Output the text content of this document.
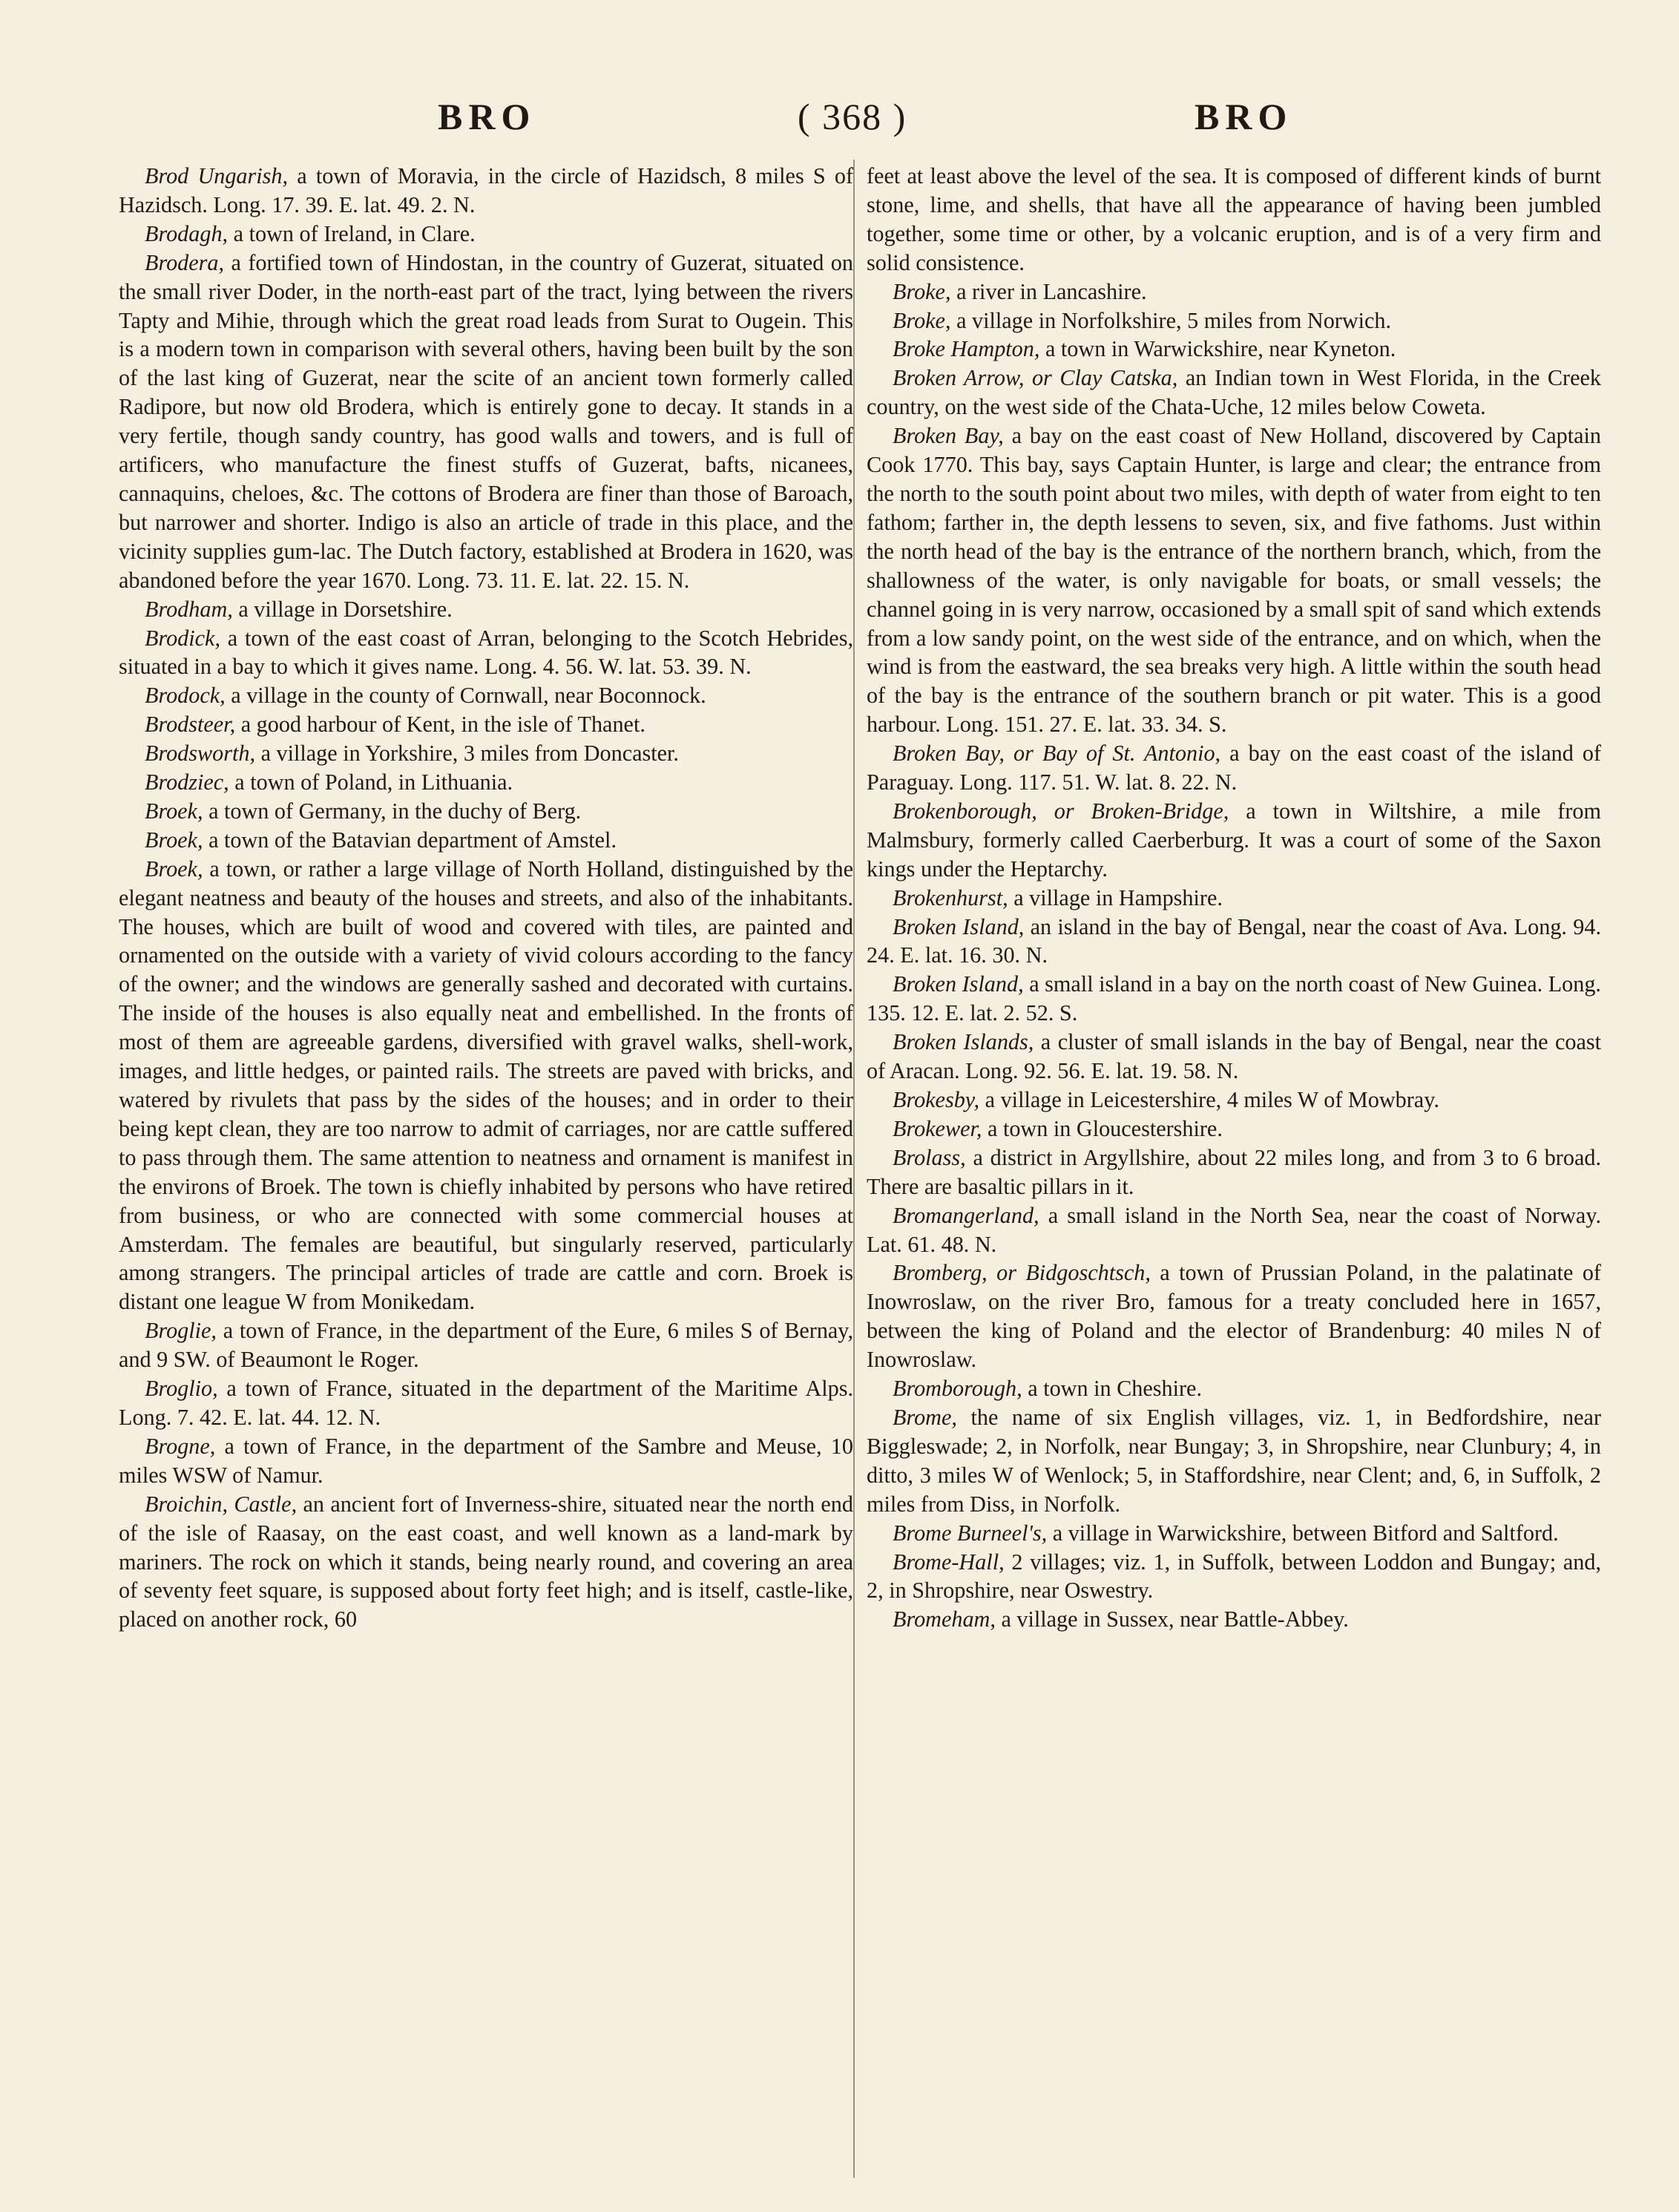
BRO	( 368 )	BRO

Brod Ungarish, a town of Moravia, in the circle of Hazidsch, 8 miles S of Hazidsch. Long. 17. 39. E. lat. 49. 2. N.

Brodagh, a town of Ireland, in Clare.

Brodera, a fortified town of Hindostan, in the country of Guzerat, situated on the small river Doder, in the north-east part of the tract, lying between the rivers Tapty and Mihie, through which the great road leads from Surat to Ougein. This is a modern town in comparison with several others, having been built by the son of the last king of Guzerat, near the scite of an ancient town formerly called Radipore, but now old Brodera, which is entirely gone to decay. It stands in a very fertile, though sandy country, has good walls and towers, and is full of artificers, who manufacture the finest stuffs of Guzerat, bafts, nicanees, cannaquins, cheloes, &c. The cottons of Brodera are finer than those of Baroach, but narrower and shorter. Indigo is also an article of trade in this place, and the vicinity supplies gum-lac. The Dutch factory, established at Brodera in 1620, was abandoned before the year 1670. Long. 73. 11. E. lat. 22. 15. N.

Brodham, a village in Dorsetshire.

Brodick, a town of the east coast of Arran, belonging to the Scotch Hebrides, situated in a bay to which it gives name. Long. 4. 56. W. lat. 53. 39. N.

Brodock, a village in the county of Cornwall, near Boconnock.

Brodsteer, a good harbour of Kent, in the isle of Thanet.

Brodsworth, a village in Yorkshire, 3 miles from Doncaster.

Brodziec, a town of Poland, in Lithuania.

Broek, a town of Germany, in the duchy of Berg.

Broek, a town of the Batavian department of Amstel.

Broek, a town, or rather a large village of North Holland, distinguished by the elegant neatness and beauty of the houses and streets, and also of the inhabitants. The houses, which are built of wood and covered with tiles, are painted and ornamented on the outside with a variety of vivid colours according to the fancy of the owner; and the windows are generally sashed and decorated with curtains. The inside of the houses is also equally neat and embellished. In the fronts of most of them are agreeable gardens, diversified with gravel walks, shell-work, images, and little hedges, or painted rails. The streets are paved with bricks, and watered by rivulets that pass by the sides of the houses; and in order to their being kept clean, they are too narrow to admit of carriages, nor are cattle suffered to pass through them. The same attention to neatness and ornament is manifest in the environs of Broek. The town is chiefly inhabited by persons who have retired from business, or who are connected with some commercial houses at Amsterdam. The females are beautiful, but singularly reserved, particularly among strangers. The principal articles of trade are cattle and corn. Broek is distant one league W from Monikedam.

Broglie, a town of France, in the department of the Eure, 6 miles S of Bernay, and 9 SW. of Beaumont le Roger.

Broglio, a town of France, situated in the department of the Maritime Alps. Long. 7. 42. E. lat. 44. 12. N.

Brogne, a town of France, in the department of the Sambre and Meuse, 10 miles WSW of Namur.

Broichin, Castle, an ancient fort of Inverness-shire, situated near the north end of the isle of Raasay, on the east coast, and well known as a land-mark by mariners. The rock on which it stands, being nearly round, and covering an area of seventy feet square, is supposed about forty feet high; and is itself, castle-like, placed on another rock, 60

feet at least above the level of the sea. It is composed of different kinds of burnt stone, lime, and shells, that have all the appearance of having been jumbled together, some time or other, by a volcanic eruption, and is of a very firm and solid consistence.

Broke, a river in Lancashire.

Broke, a village in Norfolkshire, 5 miles from Norwich.

Broke Hampton, a town in Warwickshire, near Kyneton.

Broken Arrow, or Clay Catska, an Indian town in West Florida, in the Creek country, on the west side of the Chata-Uche, 12 miles below Coweta.

Broken Bay, a bay on the east coast of New Holland, discovered by Captain Cook 1770. This bay, says Captain Hunter, is large and clear; the entrance from the north to the south point about two miles, with depth of water from eight to ten fathom; farther in, the depth lessens to seven, six, and five fathoms. Just within the north head of the bay is the entrance of the northern branch, which, from the shallowness of the water, is only navigable for boats, or small vessels; the channel going in is very narrow, occasioned by a small spit of sand which extends from a low sandy point, on the west side of the entrance, and on which, when the wind is from the eastward, the sea breaks very high. A little within the south head of the bay is the entrance of the southern branch or pit water. This is a good harbour. Long. 151. 27. E. lat. 33. 34. S.

Broken Bay, or Bay of St. Antonio, a bay on the east coast of the island of Paraguay. Long. 117. 51. W. lat. 8. 22. N.

Brokenborough, or Broken-Bridge, a town in Wiltshire, a mile from Malmsbury, formerly called Caerberburg. It was a court of some of the Saxon kings under the Heptarchy.

Brokenhurst, a village in Hampshire.

Broken Island, an island in the bay of Bengal, near the coast of Ava. Long. 94. 24. E. lat. 16. 30. N.

Broken Island, a small island in a bay on the north coast of New Guinea. Long. 135. 12. E. lat. 2. 52. S.

Broken Islands, a cluster of small islands in the bay of Bengal, near the coast of Aracan. Long. 92. 56. E. lat. 19. 58. N.

Brokesby, a village in Leicestershire, 4 miles W of Mowbray.

Brokewer, a town in Gloucestershire.

Brolass, a district in Argyllshire, about 22 miles long, and from 3 to 6 broad. There are basaltic pillars in it.

Bromangerland, a small island in the North Sea, near the coast of Norway. Lat. 61. 48. N.

Bromberg, or Bidgoschtsch, a town of Prussian Poland, in the palatinate of Inowroslaw, on the river Bro, famous for a treaty concluded here in 1657, between the king of Poland and the elector of Brandenburg: 40 miles N of Inowroslaw.

Bromborough, a town in Cheshire.

Brome, the name of six English villages, viz. 1, in Bedfordshire, near Biggleswade; 2, in Norfolk, near Bungay; 3, in Shropshire, near Clunbury; 4, in ditto, 3 miles W of Wenlock; 5, in Staffordshire, near Clent; and, 6, in Suffolk, 2 miles from Diss, in Norfolk.

Brome Burneel's, a village in Warwickshire, between Bitford and Saltford.

Brome-Hall, 2 villages; viz. 1, in Suffolk, between Loddon and Bungay; and, 2, in Shropshire, near Oswestry.

Bromeham, a village in Sussex, near Battle-Abbey.
